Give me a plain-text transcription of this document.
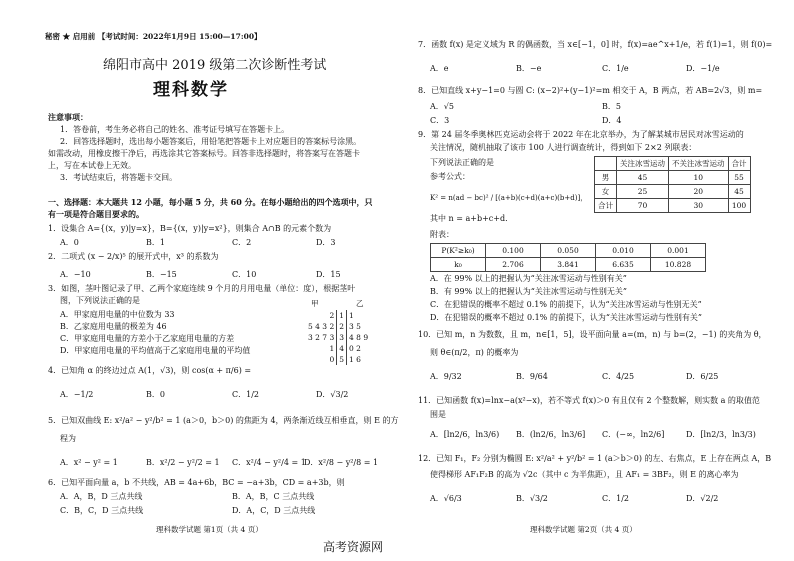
秘密 ★ 启用前 【考试时间：2022年1月9日 15:00—17:00】
绵阳市高中 2019 级第二次诊断性考试
理科数学
注意事项：
1．答卷前，考生务必将自己的姓名、准考证号填写在答题卡上。
2．回答选择题时，选出每小题答案后，用铅笔把答题卡上对应题目的答案标号涂黑。
如需改动，用橡皮擦干净后，再选涂其它答案标号。回答非选择题时，将答案写在答题卡
上，写在本试卷上无效。
3．考试结束后，将答题卡交回。
一、选择题：本大题共 12 小题，每小题 5 分，共 60 分。在每小题给出的四个选项中，只
有一项是符合题目要求的。
1．设集合 A={(x，y)|y=x}，B={(x，y)|y=x²}，则集合 A∩B 的元素个数为
A．0	B．1	C．2	D．3
2．二项式 (x − 2/x)⁵ 的展开式中，x³ 的系数为
A．−10	B．−15	C．10	D．15
3．如图，茎叶图记录了甲、乙两个家庭连续 9 个月的月用电量（单位：度），根据茎叶
图，下列说法正确的是
A．甲家庭用电量的中位数为 33
B．乙家庭用电量的极差为 46
C．甲家庭用电量的方差小于乙家庭用电量的方差
D．甲家庭用电量的平均值高于乙家庭用电量的平均值
甲	乙
2	1	1
5 4 3 2	2	3 5
3 2 7 3	3	4 8 9
1	4	0 2
0	5	1 6
4．已知角 α 的终边过点 A(1，√3)，则 cos(α + π/6) =
A．−1/2	B．0	C．1/2	D．√3/2
5．已知双曲线 E: x²/a² − y²/b² = 1 (a＞0，b＞0) 的焦距为 4，两条渐近线互相垂直，则 E 的方
程为
A．x² − y² = 1	B．x²/2 − y²/2 = 1 C．x²/4 − y²/4 = 1
D．x²/8 − y²/8 = 1
6．已知平面向量 a，b 不共线，AB = 4a+6b，BC = −a+3b，CD = a+3b，则
A．A，B，D 三点共线	B．A，B，C 三点共线
C．B，C，D 三点共线	D．A，C，D 三点共线
理科数学试题 第1页（共 4 页）
7．函数 f(x) 是定义域为 R 的偶函数，当 x∈[−1，0] 时，f(x)=ae^x+1/e，若 f(1)=1，则 f(0)=
A．e	B．−e	C．1/e	D．−1/e
8．已知直线 x+y−1=0 与圆 C: (x−2)²+(y−1)²=m 相交于 A，B 两点，若 AB=2√3，则 m=
A．√5	B．5
C．3	D．4
9．第 24 届冬季奥林匹克运动会将于 2022 年在北京举办，为了解某城市居民对冰雪运动的
关注情况，随机抽取了该市 100 人进行调查统计，得到如下 2×2 列联表：
下列说法正确的是
参考公式：
K² = n(ad − bc)² / [(a+b)(c+d)(a+c)(b+d)]，
其中 n = a+b+c+d．
	关注冰雪运动	不关注冰雪运动	合计
男	45	10	55
女	25	20	45
合计	70	30	100
附表：
P(K²≥k₀)	0.100	0.050	0.010	0.001
k₀	2.706	3.841	6.635	10.828
A．在 99% 以上的把握认为“关注冰雪运动与性别有关”
B．有 99% 以上的把握认为“关注冰雪运动与性别无关”
C．在犯错误的概率不超过 0.1% 的前提下，认为“关注冰雪运动与性别无关”
D．在犯错误的概率不超过 0.1% 的前提下，认为“关注冰雪运动与性别有关”
10．已知 m，n 为数数，且 m，n∈[1，5]，设平面向量 a=(m，n) 与 b=(2，−1) 的夹角为 θ，
则 θ∈(π/2，π) 的概率为
A．9/32	B．9/64	C．4/25	D．6/25
11．已知函数 f(x)=lnx−a(x²−x)，若不等式 f(x)＞0 有且仅有 2 个整数解，则实数 a 的取值范
围是
A．[ln2/6，ln3/6) B．(ln2/6，ln3/6] C．(−∞，ln2/6]	D．[ln2/3，ln3/3)
12．已知 F₁，F₂ 分别为椭圆 E: x²/a² + y²/b² = 1 (a＞b＞0) 的左、右焦点，E 上存在两点 A，B
使得梯形 AF₁F₂B 的高为 √2c（其中 c 为半焦距），且 AF₁ = 3BF₂，则 E 的离心率为
A．√6/3	B．√3/2	C．1/2	D．√2/2
理科数学试题 第2页（共 4 页）
高考资源网
